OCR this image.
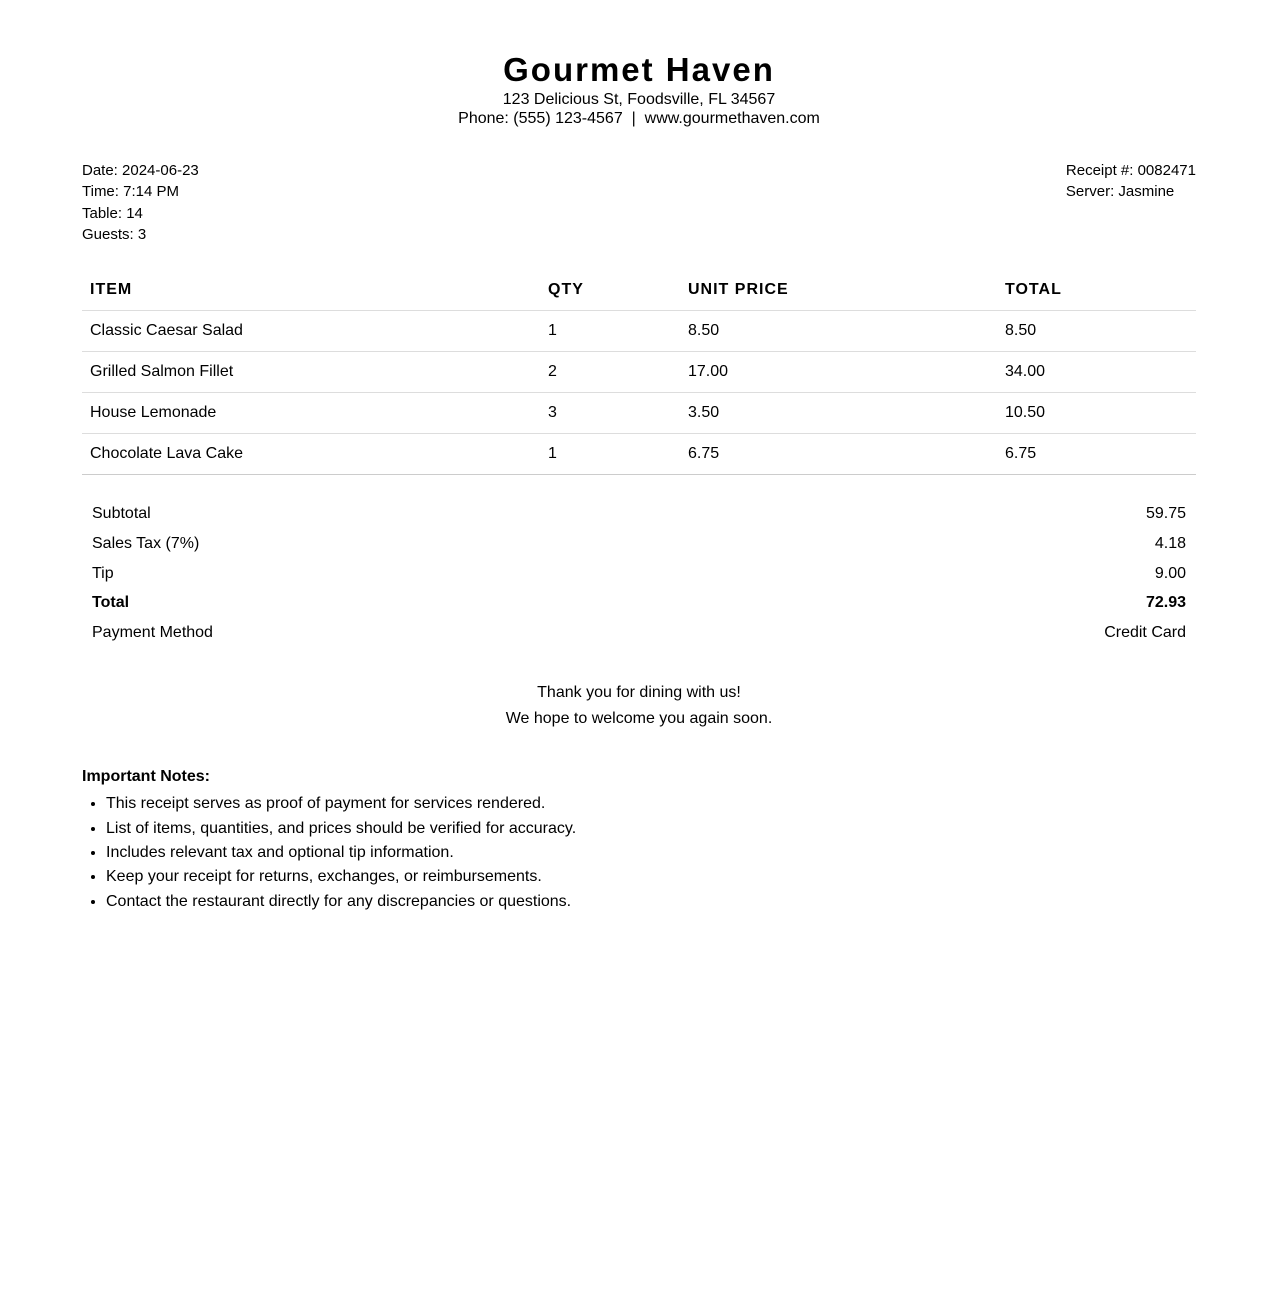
Gourmet Haven
123 Delicious St, Foodsville, FL 34567
Phone: (555) 123-4567  |  www.gourmethaven.com
Date: 2024-06-23
Time: 7:14 PM
Table: 14
Guests: 3
Receipt #: 0082471
Server: Jasmine
ITEM	QTY	UNIT PRICE	TOTAL
Classic Caesar Salad	1	8.50	8.50
Grilled Salmon Fillet	2	17.00	34.00
House Lemonade	3	3.50	10.50
Chocolate Lava Cake	1	6.75	6.75
Subtotal	59.75
Sales Tax (7%)	4.18
Tip	9.00
Total	72.93
Payment Method	Credit Card
Thank you for dining with us!
We hope to welcome you again soon.
Important Notes:
• This receipt serves as proof of payment for services rendered.
• List of items, quantities, and prices should be verified for accuracy.
• Includes relevant tax and optional tip information.
• Keep your receipt for returns, exchanges, or reimbursements.
• Contact the restaurant directly for any discrepancies or questions.
